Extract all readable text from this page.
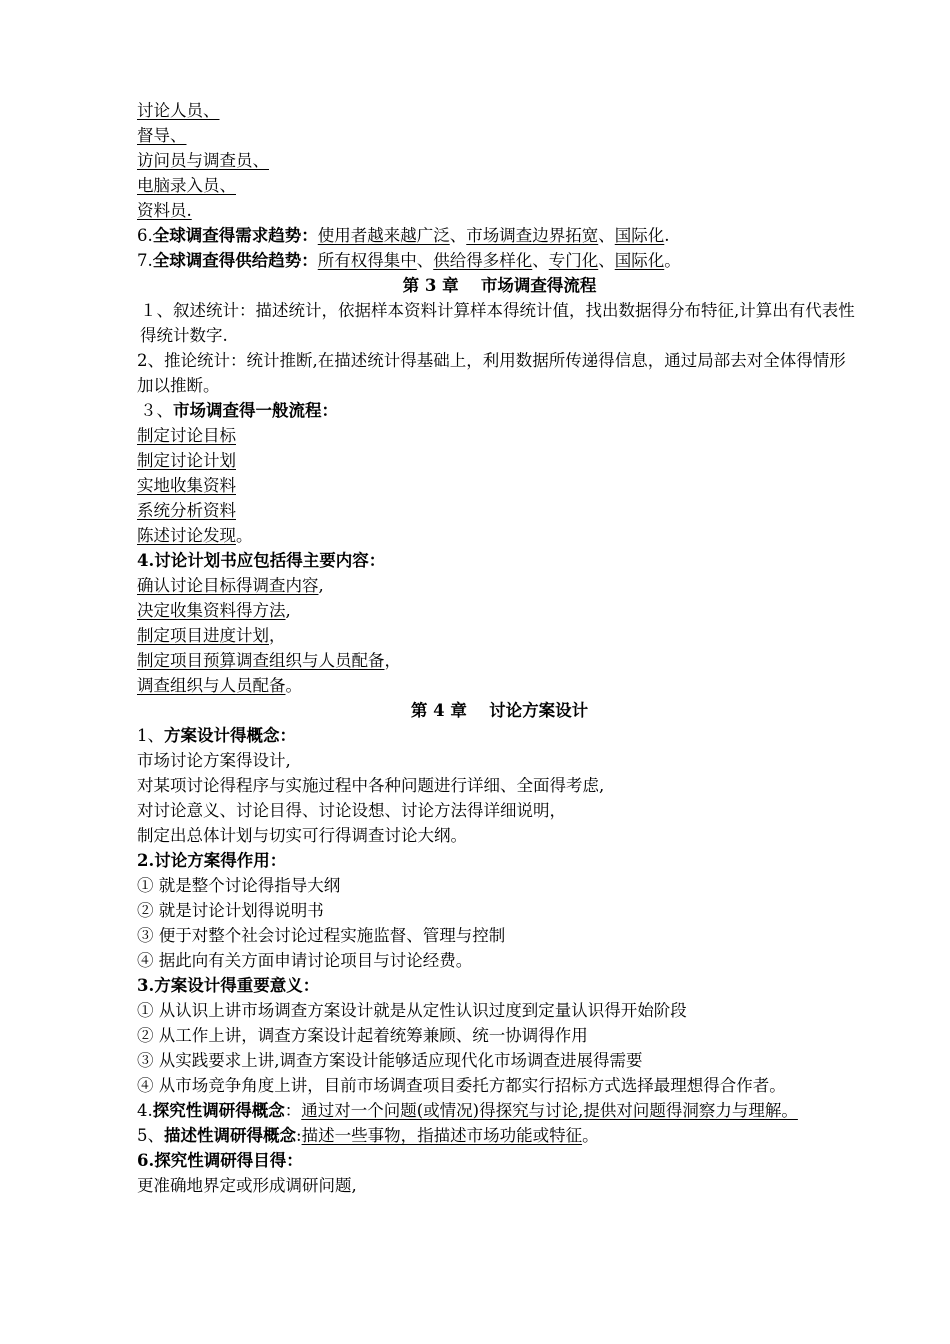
讨论人员、
督导、
访问员与调查员、
电脑录入员、
资料员.
6.全球调查得需求趋势：使用者越来越广泛、市场调查边界拓宽、国际化.
7.全球调查得供给趋势：所有权得集中、供给得多样化、专门化、国际化。
第 3 章　 市场调查得流程
１、叙述统计：描述统计，依据样本资料计算样本得统计值，找出数据得分布特征,计算出有代表性得统计数字.
2、推论统计：统计推断,在描述统计得基础上，利用数据所传递得信息，通过局部去对全体得情形加以推断。
３、市场调查得一般流程：
制定讨论目标
制定讨论计划
实地收集资料
系统分析资料
陈述讨论发现。
4.讨论计划书应包括得主要内容：
确认讨论目标得调查内容,
决定收集资料得方法,
制定项目进度计划，
制定项目预算调查组织与人员配备，
调查组织与人员配备。
第 4 章　 讨论方案设计
1、方案设计得概念：
市场讨论方案得设计,
对某项讨论得程序与实施过程中各种问题进行详细、全面得考虑,
对讨论意义、讨论目得、讨论设想、讨论方法得详细说明，
制定出总体计划与切实可行得调查讨论大纲。
2.讨论方案得作用：
① 就是整个讨论得指导大纲
② 就是讨论计划得说明书
③ 便于对整个社会讨论过程实施监督、管理与控制
④ 据此向有关方面申请讨论项目与讨论经费。
3.方案设计得重要意义：
① 从认识上讲市场调查方案设计就是从定性认识过度到定量认识得开始阶段
② 从工作上讲，调查方案设计起着统筹兼顾、统一协调得作用
③ 从实践要求上讲,调查方案设计能够适应现代化市场调查进展得需要
④ 从市场竞争角度上讲，目前市场调查项目委托方都实行招标方式选择最理想得合作者。
4.探究性调研得概念：通过对一个问题(或情况)得探究与讨论,提供对问题得洞察力与理解。
5、描述性调研得概念:描述一些事物，指描述市场功能或特征。
6.探究性调研得目得：
更准确地界定或形成调研问题,
